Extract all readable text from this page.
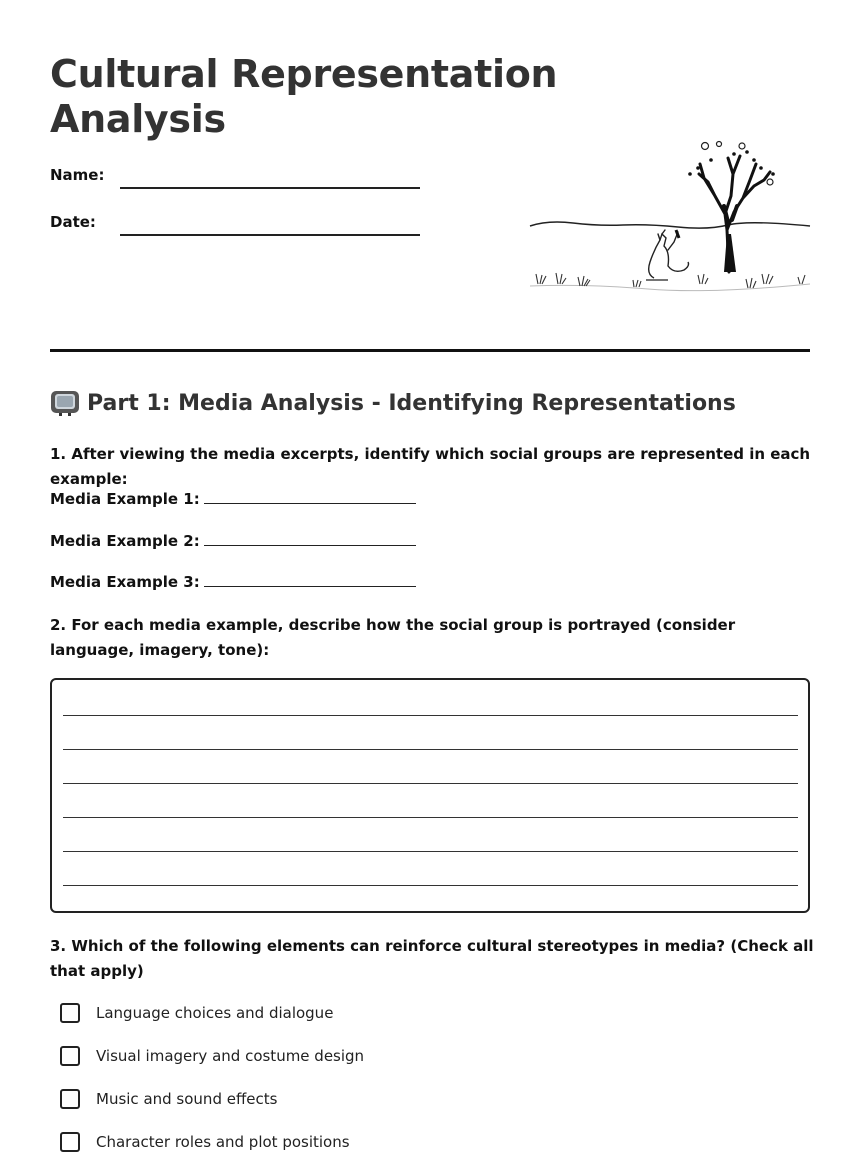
Cultural Representation
Analysis
Name:
Date:
Part 1: Media Analysis - Identifying Representations

1. After viewing the media excerpts, identify which social groups are represented in each example:

Media Example 1:
Media Example 2:
Media Example 3:

2. For each media example, describe how the social group is portrayed (consider language, imagery, tone):

3. Which of the following elements can reinforce cultural stereotypes in media? (Check all that apply)

Language choices and dialogue
Visual imagery and costume design
Music and sound effects
Character roles and plot positions
